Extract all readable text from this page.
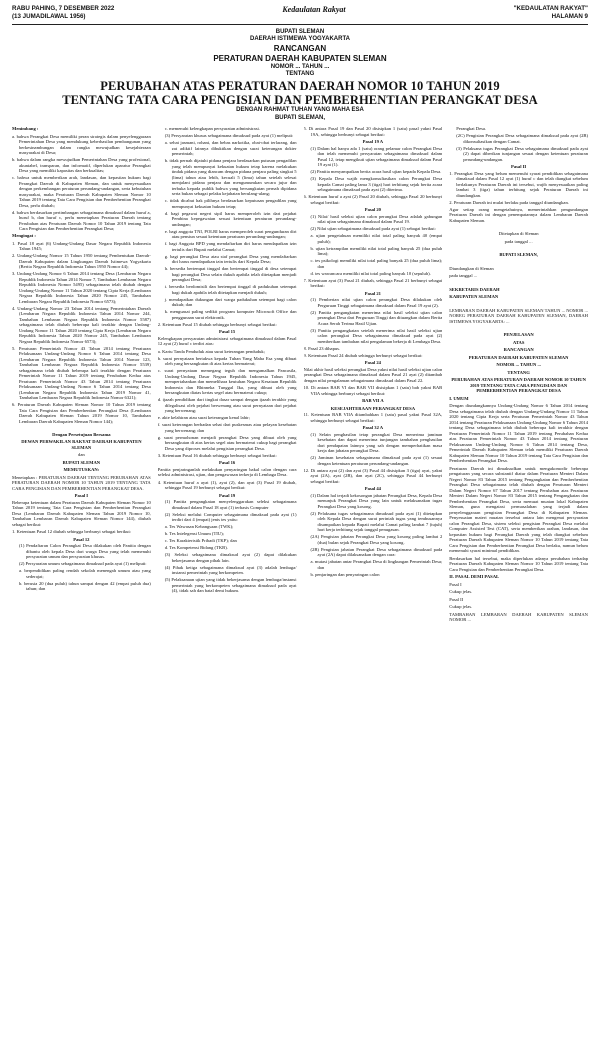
RABU PAHING, 7 DESEMBER 2022
(13 JUMADILAWAL 1956)
Kedaulatan Rakyat	"KEDAULATAN RAKYAT"
HALAMAN 9
BUPATI SLEMAN
DAERAH ISTIMEWA YOGYAKARTA
RANCANGAN
PERATURAN DAERAH KABUPATEN SLEMAN
NOMOR ... TAHUN ...
TENTANG
PERUBAHAN ATAS PERATURAN DAERAH NOMOR 10 TAHUN 2019
TENTANG TATA CARA PENGISIAN DAN PEMBERHENTIAN PERANGKAT DESA
DENGAN RAHMAT TUHAN YANG MAHA ESA
BUPATI SLEMAN,

Menimbang :

a. bahwa Perangkat Desa memiliki peran strategis dalam penyelenggaraan Pemerintahan Desa yang mendukung keberhasilan pembangunan yang berkesinambungan dalam rangka mewujudkan kesejahteraan masyarakat di Desa;

b. bahwa dalam rangka mewujudkan Pemerintahan Desa yang profesional, akuntabel, transparan, dan informatif, diperlukan aparatur Perangkat Desa yang memiliki kapasitas dan berkualitas;

c. bahwa untuk memberikan arah, landasan, dan kepastian hukum bagi Perangkat Daerah di Kabupaten Sleman, dan untuk menyesuaikan dengan perkembangan peraturan perundang-undangan, serta kebutuhan masyarakat, maka Peraturan Daerah Kabupaten Sleman Nomor 10 Tahun 2019 tentang Tata Cara Pengisian dan Pemberhentian Perangkat Desa, perlu diubah;

d. bahwa berdasarkan pertimbangan sebagaimana dimaksud dalam huruf a, huruf b, dan huruf c, perlu menetapkan Peraturan Daerah tentang Perubahan atas Peraturan Daerah Nomor 10 Tahun 2019 tentang Tata Cara Pengisian dan Pemberhentian Perangkat Desa;

Mengingat :

1. Pasal 18 ayat (6) Undang-Undang Dasar Negara Republik Indonesia Tahun 1945;

2. Undang-Undang Nomor 15 Tahun 1950 tentang Pembentukan Daerah-Daerah Kabupaten dalam Lingkungan Daerah Istimewa Yogyakarta (Berita Negara Republik Indonesia Tahun 1950 Nomor 44);

3. Undang-Undang Nomor 6 Tahun 2014 tentang Desa (Lembaran Negara Republik Indonesia Tahun 2014 Nomor 7, Tambahan Lembaran Negara Republik Indonesia Nomor 5495) sebagaimana telah diubah dengan Undang-Undang Nomor 11 Tahun 2020 tentang Cipta Kerja (Lembaran Negara Republik Indonesia Tahun 2020 Nomor 245, Tambahan Lembaran Negara Republik Indonesia Nomor 6573);

4. Undang-Undang Nomor 23 Tahun 2014 tentang Pemerintahan Daerah (Lembaran Negara Republik Indonesia Tahun 2014 Nomor 244, Tambahan Lembaran Negara Republik Indonesia Nomor 5587) sebagaimana telah diubah beberapa kali terakhir dengan Undang-Undang Nomor 11 Tahun 2020 tentang Cipta Kerja (Lembaran Negara Republik Indonesia Tahun 2020 Nomor 245, Tambahan Lembaran Negara Republik Indonesia Nomor 6573);

5. Peraturan Pemerintah Nomor 43 Tahun 2014 tentang Peraturan Pelaksanaan Undang-Undang Nomor 6 Tahun 2014 tentang Desa (Lembaran Negara Republik Indonesia Tahun 2014 Nomor 123, Tambahan Lembaran Negara Republik Indonesia Nomor 5539) sebagaimana telah diubah beberapa kali terakhir dengan Peraturan Pemerintah Nomor 11 Tahun 2019 tentang Perubahan Kedua atas Peraturan Pemerintah Nomor 43 Tahun 2014 tentang Peraturan Pelaksanaan Undang-Undang Nomor 6 Tahun 2014 tentang Desa (Lembaran Negara Republik Indonesia Tahun 2019 Nomor 41, Tambahan Lembaran Negara Republik Indonesia Nomor 6321);

6. Peraturan Daerah Kabupaten Sleman Nomor 10 Tahun 2019 tentang Tata Cara Pengisian dan Pemberhentian Perangkat Desa (Lembaran Daerah Kabupaten Sleman Tahun 2019 Nomor 10, Tambahan Lembaran Daerah Kabupaten Sleman Nomor 144);

Dengan Persetujuan Bersama

DEWAN PERWAKILAN RAKYAT DAERAH KABUPATEN SLEMAN

dan

BUPATI SLEMAN

MEMUTUSKAN:

Menetapkan : PERATURAN DAERAH TENTANG PERUBAHAN ATAS PERATURAN DAERAH NOMOR 10 TAHUN 2019 TENTANG TATA CARA PENGISIAN DAN PEMBERHENTIAN PERANGKAT DESA.

Pasal I

Beberapa ketentuan dalam Peraturan Daerah Kabupaten Sleman Nomor 10 Tahun 2019 tentang Tata Cara Pengisian dan Pemberhentian Perangkat Desa (Lembaran Daerah Kabupaten Sleman Tahun 2019 Nomor 10, Tambahan Lembaran Daerah Kabupaten Sleman Nomor 144), diubah sebagai berikut:

1. Ketentuan Pasal 12 diubah sehingga berbunyi sebagai berikut:

Pasal 12

(1) Pendaftaran Calon Perangkat Desa dilakukan oleh Panitia dengan dibantu oleh kepala Desa dari warga Desa yang telah memenuhi persyaratan umum dan persyaratan khusus.

(2) Persyaratan umum sebagaimana dimaksud pada ayat (1) meliputi:

a. berpendidikan paling rendah sekolah menengah umum atau yang sederajat;

b. berusia 20 (dua puluh) tahun sampai dengan 42 (empat puluh dua) tahun; dan

c. memenuhi kelengkapan persyaratan administrasi.

(3) Persyaratan khusus sebagaimana dimaksud pada ayat (1) meliputi:

a. sehat jasmani, rohani, dan bebas narkotika, obat-obat terlarang, dan zat adiktif lainnya dibuktikan dengan surat keterangan dokter pemerintah;

b. tidak pernah dijatuhi pidana penjara berdasarkan putusan pengadilan yang telah mempunyai kekuatan hukum tetap karena melakukan tindak pidana yang diancam dengan pidana penjara paling singkat 5 (lima) tahun atau lebih, kecuali 5 (lima) tahun setelah selesai menjalani pidana penjara dan mengumumkan secara jujur dan terbuka kepada publik bahwa yang bersangkutan pernah dipidana serta bukan sebagai pelaku kejahatan berulang-ulang;

c. tidak dicabut hak pilihnya berdasarkan keputusan pengadilan yang mempunyai kekuatan hukum tetap;

d. bagi pegawai negeri sipil harus memperoleh izin dari pejabat Pembina kepegawaian sesuai ketentuan peraturan perundang-undangan;

e. bagi anggota TNI, POLRI harus memperoleh surat pengunduran diri atau pensiun sesuai ketentuan peraturan perundang-undangan;

f. bagi Anggota BPD yang mendaftarkan diri harus mendapatkan izin tertulis dari Bupati melalui Camat;

g. bagi perangkat Desa atau staf perangkat Desa yang mendaftarkan diri harus mendapatkan izin tertulis dari Kepala Desa;

h. bersedia bertempat tinggal dan bertempat tinggal di desa setempat bagi perangkat Desa selain dukuh apabila telah ditetapkan menjadi perangkat Desa;

i. bersedia berdomisili dan bertempat tinggal di padukuhan setempat bagi dukuh apabila telah ditetapkan menjadi dukuh;

j. mendapatkan dukungan dari warga padukuhan setempat bagi calon dukuh; dan

k. menguasai paling sedikit program komputer Microsoft Office dan penggunaan surat elektronik.

2. Ketentuan Pasal 15 diubah sehingga berbunyi sebagai berikut:

Pasal 15

Kelengkapan persyaratan administrasi sebagaimana dimaksud dalam Pasal 12 ayat (2) huruf c terdiri atas:

a. Kartu Tanda Penduduk atau surat keterangan penduduk;

b. surat pernyataan bertakwa kepada Tuhan Yang Maha Esa yang dibuat oleh yang bersangkutan di atas kertas bermaterai;

c. surat pernyataan memegang teguh dan mengamalkan Pancasila, Undang-Undang Dasar Negara Republik Indonesia Tahun 1945, mempertahankan dan memelihara keutuhan Negara Kesatuan Republik Indonesia dan Bhinneka Tunggal Ika, yang dibuat oleh yang bersangkutan diatas kertas segel atau bermaterai cukup;

d. ijazah pendidikan dari tingkat dasar sampai dengan ijazah terakhir yang dilegalisasi oleh pejabat berwenang atau surat pernyataan dari pejabat yang berwenang;

e. akte kelahiran atau surat keterangan kenal lahir;

f. surat keterangan berbadan sehat dari puskesmas atau pelayan kesehatan yang berwenang; dan

g. surat permohonan menjadi perangkat Desa yang dibuat oleh yang bersangkutan di atas kertas segel atau bermaterai cukup bagi perangkat Desa yang diproses melalui pengisian perangkat Desa.

3. Ketentuan Pasal 16 diubah sehingga berbunyi sebagai berikut:

Pasal 16

Panitia penjaringanlah melakukan penyaringan bakal calon dengan cara seleksi administrasi, ujian, dan pengawasan terkerja di Lembaga Desa.

4. Ketentuan huruf a ayat (1), ayat (2), dan ayat (3) Pasal 19 diubah, sehingga Pasal 19 berbunyi sebagai berikut:

Pasal 19

(1) Panitia pengangkatan menyelenggarakan seleksi sebagaimana dimaksud dalam Pasal 18 ayat (1) terbasis Computer

(2) Seleksi melalui Computer sebagaimana dimaksud pada ayat (1) terdiri dari 4 (empat) jenis tes yaitu:

a. Tes Wawasan Kebangsaan (TWK);

b. Tes Intelegensi Umum (TIU);

c. Tes Karakteristik Pribadi (TKP); dan

d. Tes Kompetensi Bidang (TKB).

(3) Seleksi sebagaimana dimaksud ayat (2) dapat dilakukan bekerjasama dengan pihak lain.

(4) Pihak ketiga sebagaimana dimaksud ayat (3) adalah lembaga/ instansi pemerintah yang berkompeten.

(5) Pelaksanaan ujian yang tidak bekerjasama dengan lembaga/instansi pemerintah yang berkompeten sebagaimana dimaksud pada ayat (4), tidak sah dan batal demi hukum.

5. Di antara Pasal 19 dan Pasal 20 disisipkan 1 (satu) pasal yakni Pasal 19A, sehingga berbunyi sebagai berikut:

Pasal 19 A

(1) Dalam hal hanya ada 1 (satu) orang pelamar calon Perangkat Desa dan telah memenuhi persyaratan sebagaimana dimaksud dalam Pasal 12, tetap mengikuti ujian sebagaimana dimaksud dalam Pasal 19 ayat (1).

(2) Panitia menyampaikan berita acara hasil ujian kepada Kepala Desa.

(3) Kepala Desa wajib mengkonsultasikan calon Perangkat Desa kepada Camat paling lama 3 (tiga) hari terhitung sejak berita acara sebagaimana dimaksud pada ayat (2) diterima.

6. Ketentuan huruf a ayat (2) Pasal 20 diubah, sehingga Pasal 20 berbunyi sebagai berikut:

Pasal 20

(1) Nilai/ hasil seleksi ujian calon perangkat Desa adalah gabungan nilai ujian sebagaimana dimaksud dalam Pasal 19.

(2) Nilai ujian sebagaimana dimaksud pada ayat (1) sebagai berikut:

a. ujian pengetahuan memiliki nilai total paling banyak 40 (empat puluh);

b. ujian ketrampilan memiliki nilai total paling banyak 25 (dua puluh lima);

c. tes psikologi memiliki nilai total paling banyak 25 (dua puluh lima); dan

d. tes wawancara memiliki nilai total paling banyak 10 (sepuluh).

7. Ketentuan ayat (3) Pasal 21 diubah, sehingga Pasal 21 berbunyi sebagai berikut:

Pasal 21

(1) Pemberian nilai ujian calon perangkat Desa dilakukan oleh Perguruan Tinggi sebagaimana dimaksud dalam Pasal 19 ayat (2).

(2) Panitia pengangkatan menerima nilai hasil seleksi ujian calon perangkat Desa dari Perguruan Tinggi dan dituangkan dalam Berita Acara Serah Terima Hasil Ujian.

(3) Panitia pengangkatan setelah menerima nilai hasil seleksi ujian calon perangkat Desa sebagaimana dimaksud pada ayat (2) memberikan tambahan nilai pengalaman bekerja di Lembaga Desa.

8. Pasal 23 dihapus.

9. Ketentuan Pasal 24 diubah sehingga berbunyi sebagai berikut:

Pasal 24

Nilai akhir hasil seleksi perangkat Desa yakni nilai hasil seleksi ujian calon perangkat Desa sebagaimana dimaksud dalam Pasal 21 ayat (2) ditambah dengan nilai pengalaman sebagaimana dimaksud dalam Pasal 22.

10. Di antara BAB VI dan BAB VII disisipkan 1 (satu) bab yakni BAB VIIA sehingga berbunyi sebagai berikut:

BAB VII A

KESEJAHTERAAN PERANGKAT DESA

11. Ketentuan BAB VIIA ditambahkan 1 (satu) pasal yakni Pasal 32A, sehingga berbunyi sebagai berikut:

Pasal 32 A

(1) Selain penghasilan tetap perangkat Desa menerima jaminan kesehatan dan dapat menerima tunjangan tambahan penghasilan dari pendapatan lainnya yang sah dengan memperhatikan masa kerja dan jabatan perangkat Desa.

(2) Jaminan kesehatan sebagaimana dimaksud pada ayat (1) sesuai dengan ketentuan peraturan perundang-undangan.

12. Di antara ayat (2) dan ayat (3) Pasal 44 disisipkan 3 (tiga) ayat, yakni ayat (2A), ayat (2B), dan ayat (2C), sehingga Pasal 44 berbunyi sebagai berikut:

Pasal 44

(1) Dalam hal terjadi kekosongan jabatan Perangkat Desa, Kepala Desa menunjuk Perangkat Desa yang lain untuk melaksanakan tugas Perangkat Desa yang kosong.

(2) Pelaksana tugas sebagaimana dimaksud pada ayat (1) ditetapkan oleh Kepala Desa dengan surat perintah tugas yang tembusannya disampaikan kepada Bupati melalui Camat paling lambat 7 (tujuh) hari kerja terhitung sejak tanggal penugasan.

(2A) Pengisian jabatan Perangkat Desa yang kosong paling lambat 2 (dua) bulan sejak Perangkat Desa yang kosong.

(2B) Pengisian jabatan Perangkat Desa sebagaimana dimaksud pada ayat (2A) dapat dilaksanakan dengan cara:

a. mutasi jabatan antar Perangkat Desa di lingkungan Pemerintah Desa; dan

b. penjaringan dan penyaringan calon

Perangkat Desa.

(2C) Pengisian Perangkat Desa sebagaimana dimaksud pada ayat (2B) dikonsultasikan dengan Camat.

(3) Pelaksana tugas Perangkat Desa sebagaimana dimaksud pada ayat (2) dapat diberikan tunjangan sesuai dengan ketentuan peraturan perundang-undangan.

Pasal II

1. Perangkat Desa yang belum memenuhi syarat pendidikan sebagaimana dimaksud dalam Pasal 12 ayat (1) huruf c dan telah diangkat sebelum berlakunya Peraturan Daerah ini tersebut, wajib menyesuaikan paling lambat 3 (tiga) tahun terhitung sejak Peraturan Daerah ini diundangkan.

2. Peraturan Daerah ini mulai berlaku pada tanggal diundangkan.

Agar setiap orang mengetahuinya, memerintahkan pengundangan Peraturan Daerah ini dengan penempatannya dalam Lembaran Daerah Kabupaten Sleman.

Ditetapkan di Sleman

pada tanggal ...

BUPATI SLEMAN,

Diundangkan di Sleman

pada tanggal ...

SEKRETARIS DAERAH

KABUPATEN SLEMAN

LEMBARAN DAERAH KABUPATEN SLEMAN TAHUN ... NOMOR ... NOREG PERATURAN DAERAH KABUPATEN SLEMAN, DAERAH ISTIMEWA YOGYAKARTA: ...

PENJELASAN

ATAS

RANCANGAN

PERATURAN DAERAH KABUPATEN SLEMAN

NOMOR ... TAHUN ...

TENTANG

PERUBAHAN ATAS PERATURAN DAERAH NOMOR 10 TAHUN 2019 TENTANG TATA CARA PENGISIAN DAN PEMBERHENTIAN PERANGKAT DESA

I. UMUM

Dengan diundangkannya Undang-Undang Nomor 6 Tahun 2014 tentang Desa sebagaimana telah diubah dengan Undang-Undang Nomor 11 Tahun 2020 tentang Cipta Kerja serta Peraturan Pemerintah Nomor 43 Tahun 2014 tentang Peraturan Pelaksanaan Undang-Undang Nomor 6 Tahun 2014 tentang Desa sebagaimana telah diubah beberapa kali terakhir dengan Peraturan Pemerintah Nomor 11 Tahun 2019 tentang Perubahan Kedua atas Peraturan Pemerintah Nomor 43 Tahun 2014 tentang Peraturan Pelaksanaan Undang-Undang Nomor 6 Tahun 2014 tentang Desa, Pemerintah Daerah Kabupaten Sleman telah memiliki Peraturan Daerah Kabupaten Sleman Nomor 10 Tahun 2019 tentang Tata Cara Pengisian dan Pemberhentian Perangkat Desa.

Peraturan Daerah ini dimaksudkan untuk mengakomodir beberapa pengaturan yang secara substantif diatur dalam Peraturan Menteri Dalam Negeri Nomor 83 Tahun 2015 tentang Pengangkatan dan Pemberhentian Perangkat Desa sebagaimana telah diubah dengan Peraturan Menteri Dalam Negeri Nomor 67 Tahun 2017 tentang Perubahan atas Peraturan Menteri Dalam Negeri Nomor 83 Tahun 2015 tentang Pengangkatan dan Pemberhentian Perangkat Desa, serta memuat muatan lokal Kabupaten Sleman, guna mengatasi permasalahan yang terjadi dalam penyelenggaraan pengisian Perangkat Desa di Kabupaten Sleman. Penyesuaian materi muatan tersebut antara lain mengenai persyaratan calon Perangkat Desa, sistem seleksi pengisian Perangkat Desa melalui Computer Assisted Test (CAT), serta memberikan arahan, landasan, dan kepastian hukum bagi Perangkat Daerah yang telah diangkat sebelum Peraturan Daerah Kabupaten Sleman Nomor 10 Tahun 2019 tentang Tata Cara Pengisian dan Pemberhentian Perangkat Desa berlaku, namun belum memenuhi syarat minimal pendidikan.

Berdasarkan hal tersebut, maka diperlukan adanya perubahan terhadap Peraturan Daerah Kabupaten Sleman Nomor 10 Tahun 2019 tentang Tata Cara Pengisian dan Pemberhentian Perangkat Desa.

II. PASAL DEMI PASAL

Pasal I

Cukup jelas.

Pasal II

Cukup jelas.

TAMBAHAN LEMBARAN DAERAH KABUPATEN SLEMAN NOMOR ...
